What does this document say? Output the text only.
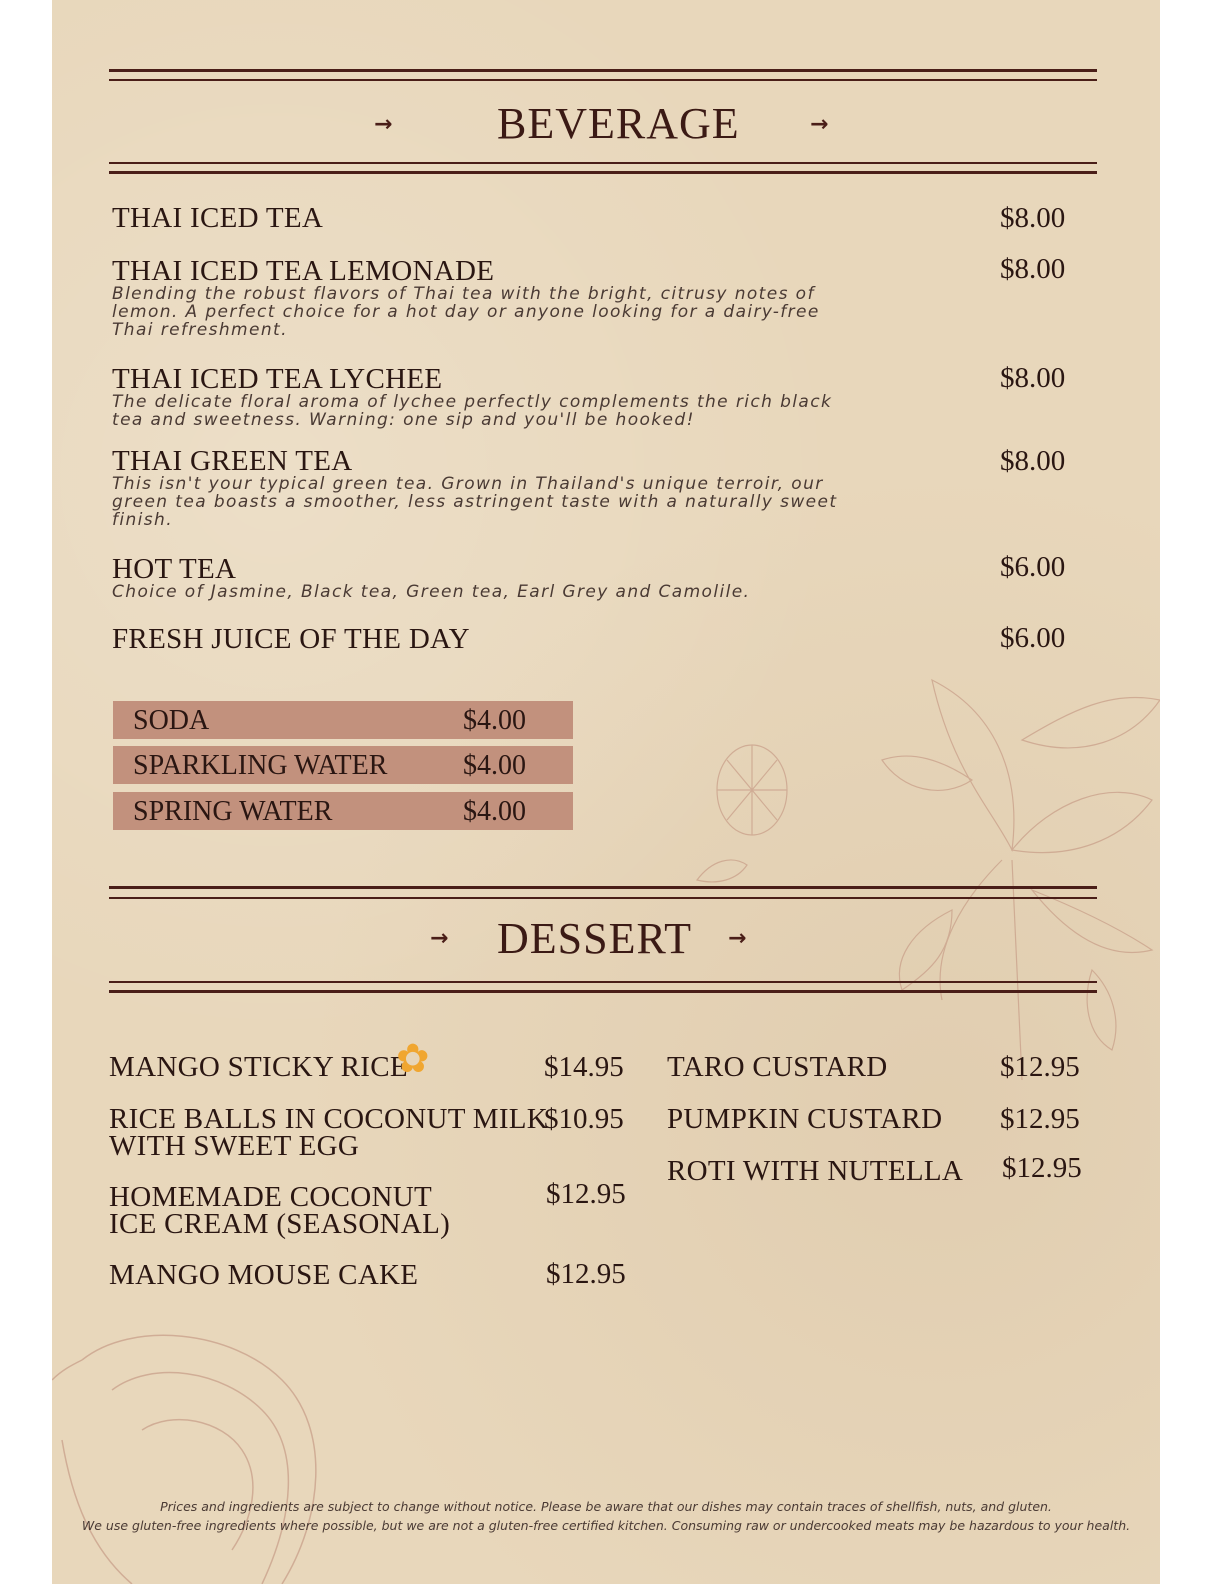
→ BEVERAGE	→
THAI ICED TEA	$8.00
THAI ICED TEA LEMONADE	$8.00
Blending the robust flavors of Thai tea with the bright, citrusy notes of lemon. A perfect choice for a hot day or anyone looking for a dairy-free Thai refreshment.
THAI ICED TEA LYCHEE	$8.00
The delicate floral aroma of lychee perfectly complements the rich black tea and sweetness. Warning: one sip and you'll be hooked!
THAI GREEN TEA	$8.00
This isn't your typical green tea. Grown in Thailand's unique terroir, our green tea boasts a smoother, less astringent taste with a naturally sweet finish.
HOT TEA	$6.00
Choice of Jasmine, Black tea, Green tea, Earl Grey and Camolile.
FRESH JUICE OF THE DAY	$6.00
SODA	$4.00
SPARKLING WATER	$4.00
SPRING WATER	$4.00
→ DESSERT →
MANGO STICKY RICE
✿	$14.95
RICE BALLS IN COCONUT MILK
WITH SWEET EGG
$10.95
HOMEMADE COCONUT
ICE CREAM (SEASONAL)
$12.95
MANGO MOUSE CAKE	$12.95
TARO CUSTARD	$12.95
PUMPKIN CUSTARD $12.95
ROTI WITH NUTELLA $12.95
Prices and ingredients are subject to change without notice. Please be aware that our dishes may contain traces of shellfish, nuts, and gluten.
We use gluten-free ingredients where possible, but we are not a gluten-free certified kitchen. Consuming raw or undercooked meats may be hazardous to your health.
